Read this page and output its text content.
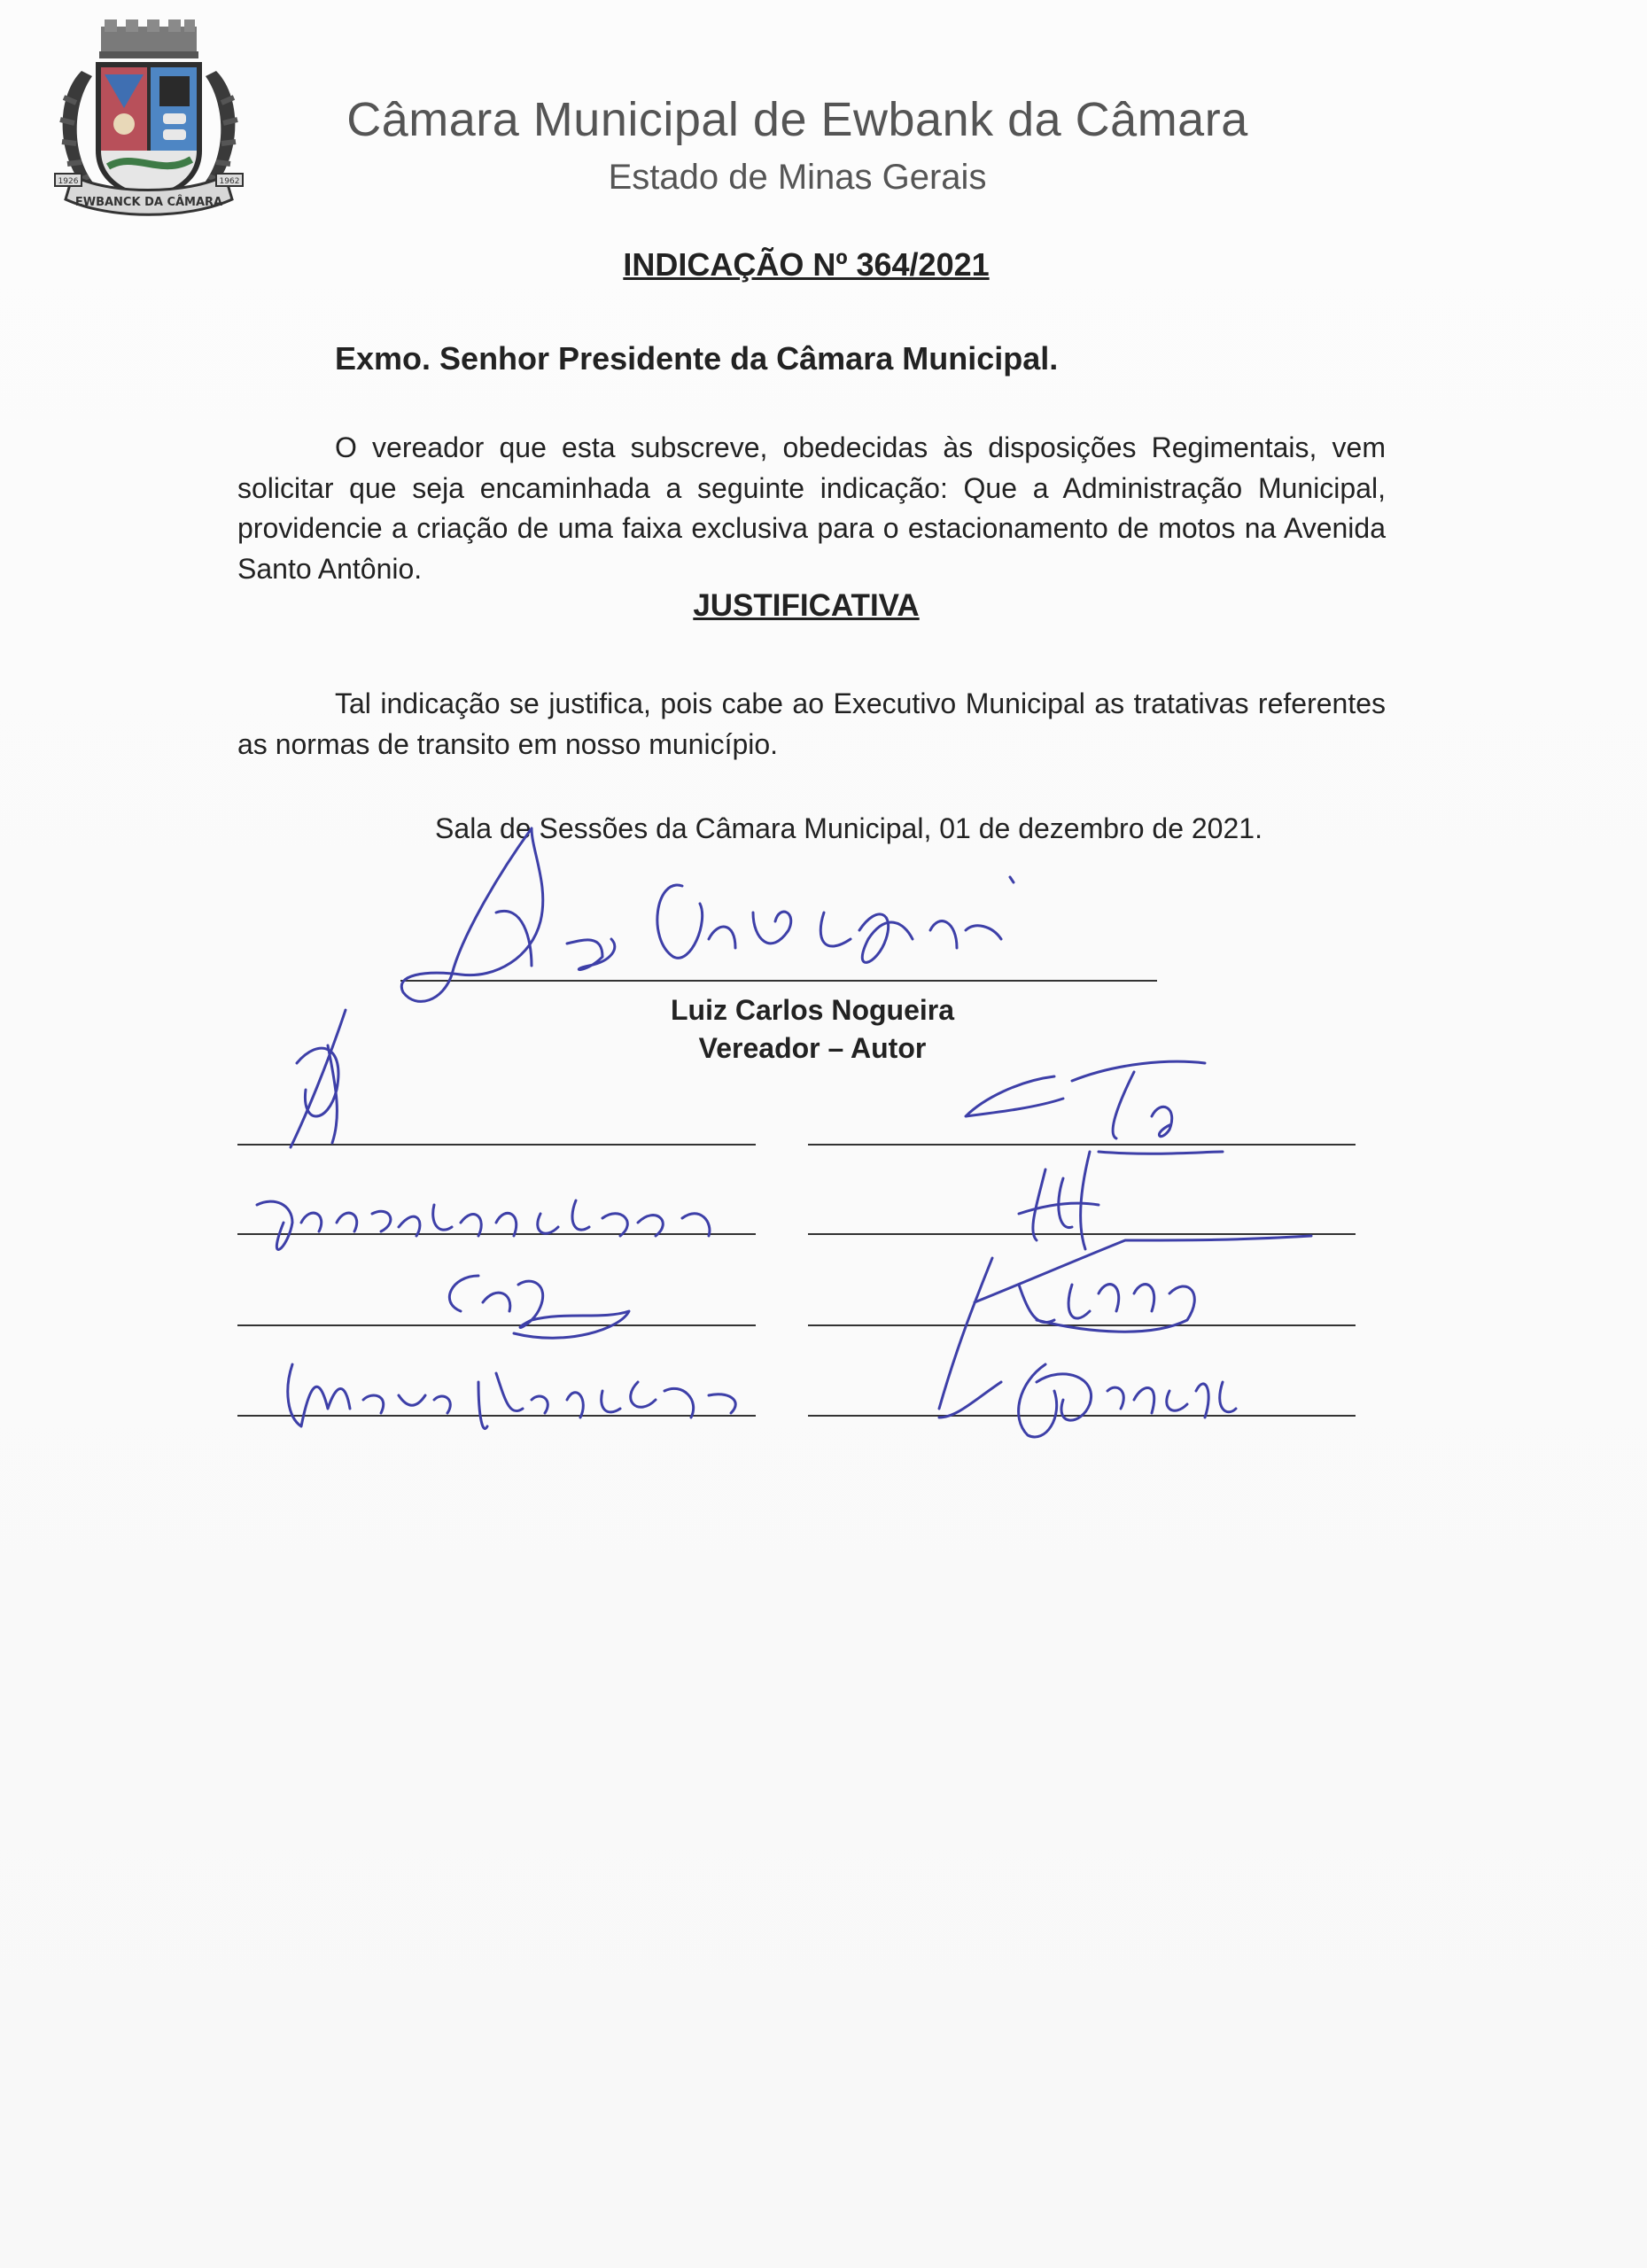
EWBANCK DA CÂMARA
1926	1962
Câmara Municipal de Ewbank da Câmara
Estado de Minas Gerais
INDICAÇÃO Nº 364/2021
Exmo. Senhor Presidente da Câmara Municipal.
O vereador que esta subscreve, obedecidas às disposições Regimentais, vem solicitar que seja encaminhada a seguinte indicação: Que a Administração Municipal, providencie a criação de uma faixa exclusiva para o estacionamento de motos na Avenida Santo Antônio.
JUSTIFICATIVA
Tal indicação se justifica, pois cabe ao Executivo Municipal as tratativas referentes as normas de transito em nosso município.
Sala de Sessões da Câmara Municipal, 01 de dezembro de 2021.
Luiz Carlos Nogueira
Vereador – Autor
